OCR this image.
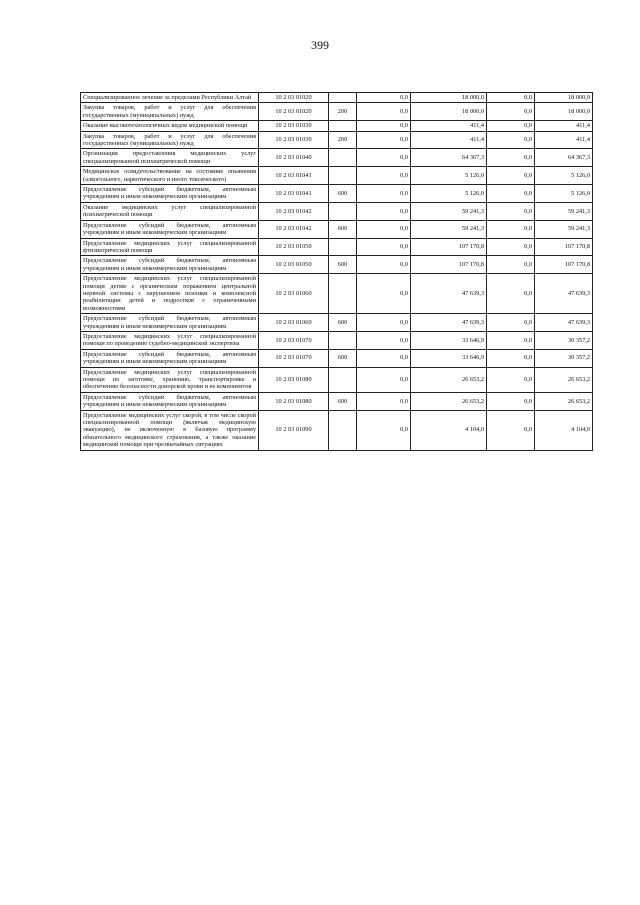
399
Специализированное лечение за пределами Республики Алтай	10 2 03 01020		0,0	18 000,0	0,0	18 000,0
Закупка товаров, работ и услуг для обеспечения государственных (муниципальных) нужд	10 2 03 01020	200	0,0	18 000,0	0,0	18 000,0
Оказание высокотехнологичных видов медицинской помощи	10 2 03 01030		0,0	411,4	0,0	411,4
Закупка товаров, работ и услуг для обеспечения государственных (муниципальных) нужд	10 2 03 01030	200	0,0	411,4	0,0	411,4
Организация предоставления медицинских услуг специализированной психиатрической помощи	10 2 03 01040		0,0	64 367,3	0,0	64 367,3
Медицинское освидетельствование на состояние опьянения (алкогольного, наркотического и иного токсического)	10 2 03 01041		0,0	5 126,0	0,0	5 126,0
Предоставление субсидий бюджетным, автономным учреждениям и иным некоммерческим организациям	10 2 03 01041	600	0,0	5 126,0	0,0	5 126,0
Оказание медицинских услуг специализированной психиатрической помощи	10 2 03 01042		0,0	59 241,3	0,0	59 241,3
Предоставление субсидий бюджетным, автономным учреждениям и иным некоммерческим организациям	10 2 03 01042	600	0,0	59 241,3	0,0	59 241,3
Предоставление медицинских услуг специализированной фтизиатрической помощи	10 2 03 01050		0,0	107 170,8	0,0	107 170,8
Предоставление субсидий бюджетным, автономным учреждениям и иным некоммерческим организациям	10 2 03 01050	600	0,0	107 170,8	0,0	107 170,8
Предоставление медицинских услуг специализированной помощи детям с органическим поражением центральной нервной системы с нарушением психики и комплексной реабилитации детей и подростков с ограниченными возможностями	10 2 03 01060		0,0	47 639,3	0,0	47 639,3
Предоставление субсидий бюджетным, автономным учреждениям и иным некоммерческим организациям	10 2 03 01060	600	0,0	47 639,3	0,0	47 639,3
Предоставление медицинских услуг специализированной помощи по проведению судебно-медицинской экспертизы	10 2 03 01070		0,0	33 646,9	0,0	30 357,2
Предоставление субсидий бюджетным, автономным учреждениям и иным некоммерческим организациям	10 2 03 01070	600	0,0	33 646,9	0,0	30 357,2
Предоставление медицинских услуг специализированной помощи по заготовке, хранению, транспортировке и обеспечению безопасности донорской крови и ее компонентов	10 2 03 01080		0,0	26 653,2	0,0	26 653,2
Предоставление субсидий бюджетным, автономным учреждениям и иным некоммерческим организациям	10 2 03 01080	600	0,0	26 653,2	0,0	26 653,2
Предоставление медицинских услуг скорой, в том числе скорой специализированной помощи (включая медицинскую эвакуацию), не включенную в базовую программу обязательного медицинского страхования, а также оказание медицинской помощи при чрезвычайных ситуациях	10 2 03 01090		0,0	4 104,0	0,0	4 104,0
